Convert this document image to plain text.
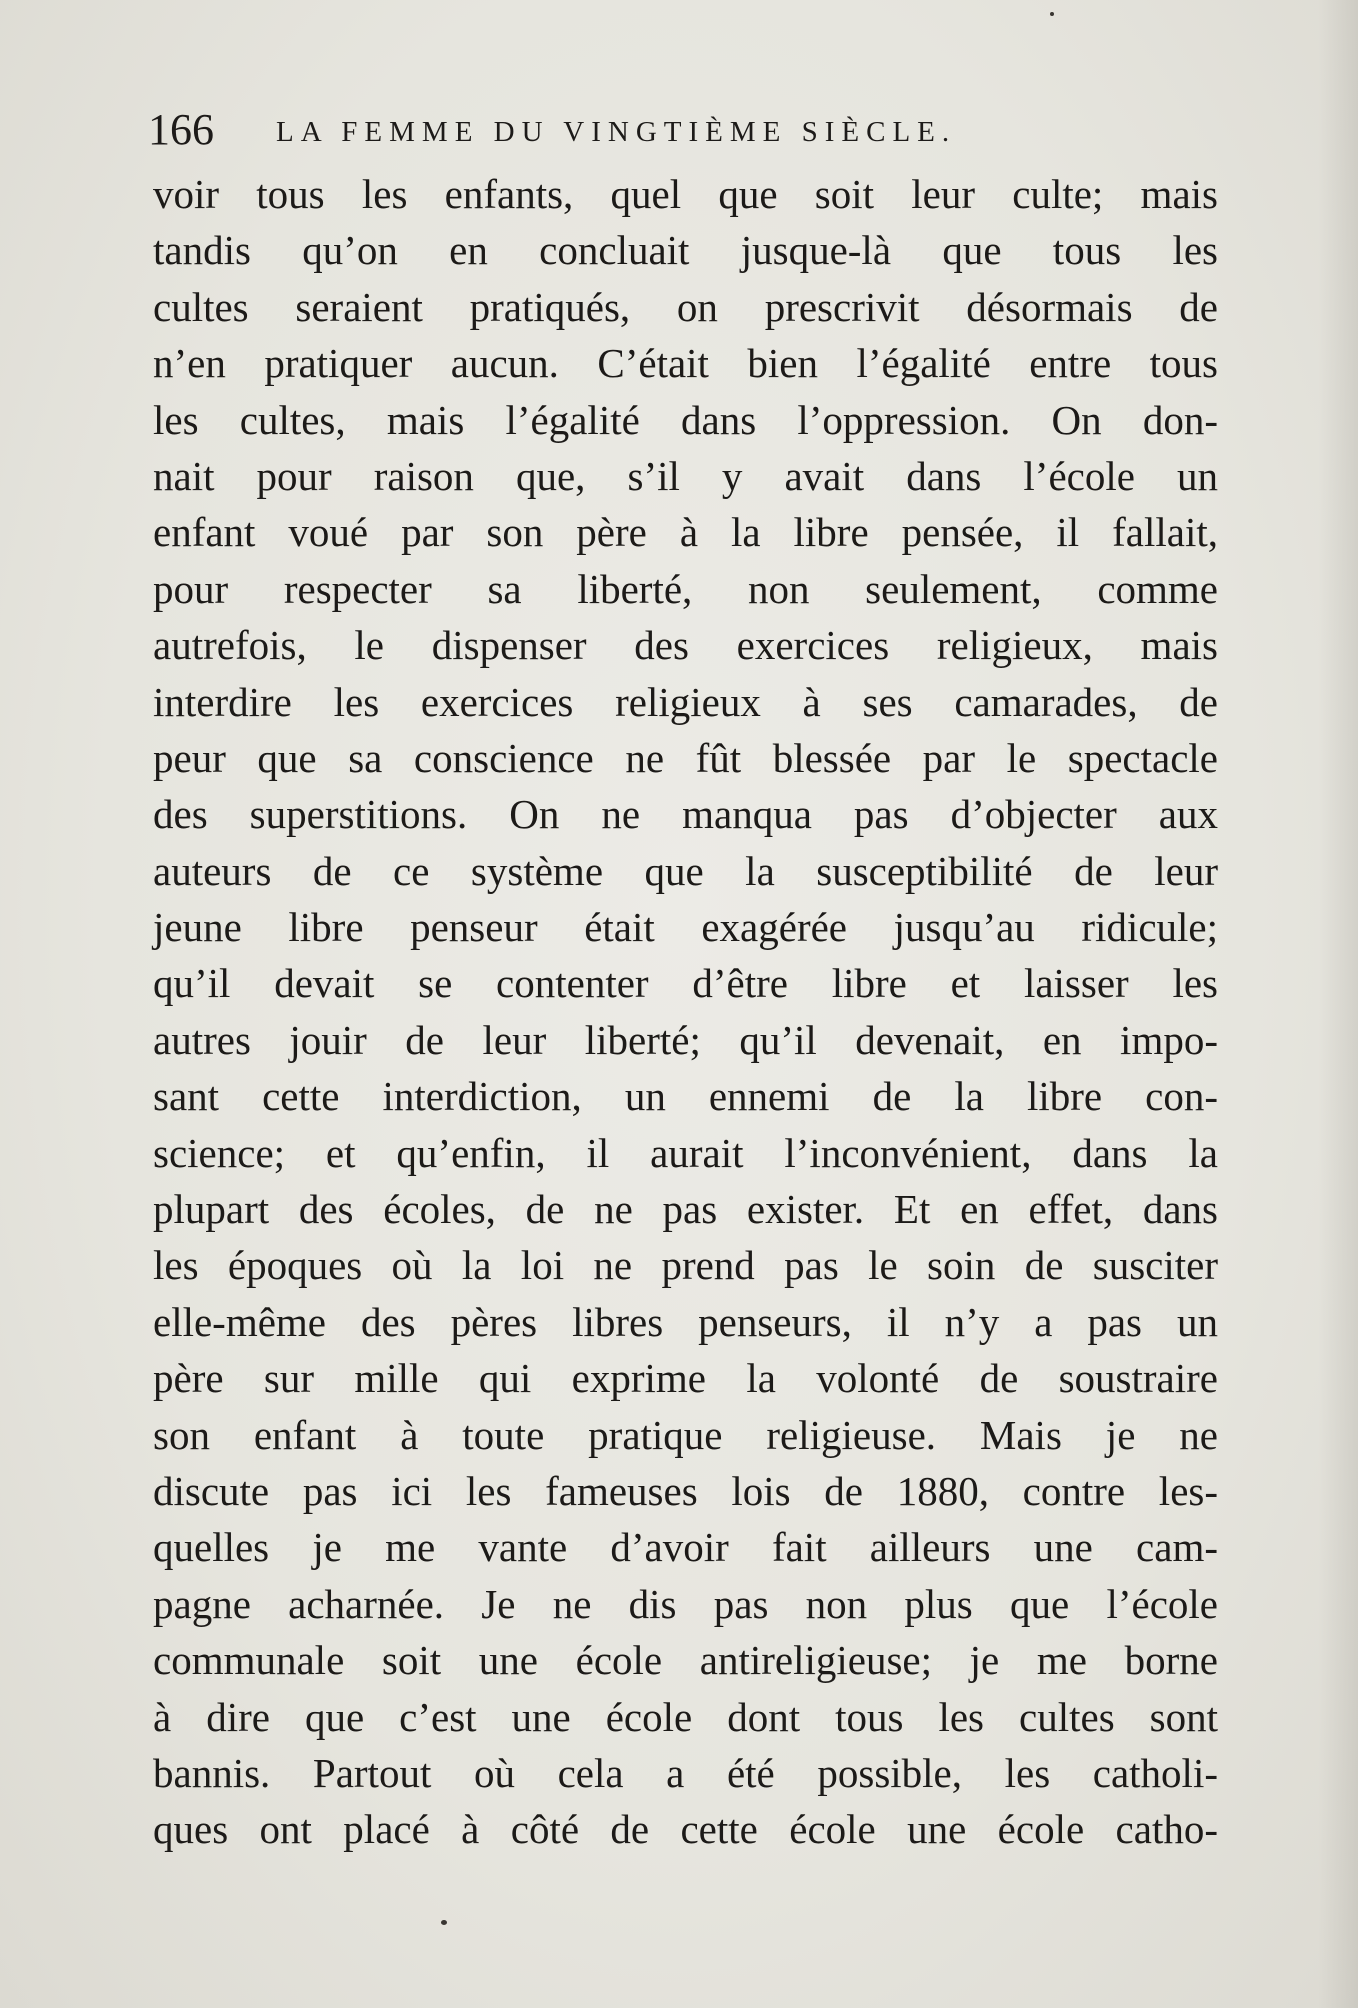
166 LA FEMME DU VINGTIÈME SIÈCLE.
voir tous les enfants, quel que soit leur culte; mais
tandis qu’on en concluait jusque-là que tous les
cultes seraient pratiqués, on prescrivit désormais de
n’en pratiquer aucun. C’était bien l’égalité entre tous
les cultes, mais l’égalité dans l’oppression. On don-
nait pour raison que, s’il y avait dans l’école un
enfant voué par son père à la libre pensée, il fallait,
pour respecter sa liberté, non seulement, comme
autrefois, le dispenser des exercices religieux, mais
interdire les exercices religieux à ses camarades, de
peur que sa conscience ne fût blessée par le spectacle
des superstitions. On ne manqua pas d’objecter aux
auteurs de ce système que la susceptibilité de leur
jeune libre penseur était exagérée jusqu’au ridicule;
qu’il devait se contenter d’être libre et laisser les
autres jouir de leur liberté; qu’il devenait, en impo-
sant cette interdiction, un ennemi de la libre con-
science; et qu’enfin, il aurait l’inconvénient, dans la
plupart des écoles, de ne pas exister. Et en effet, dans
les époques où la loi ne prend pas le soin de susciter
elle-même des pères libres penseurs, il n’y a pas un
père sur mille qui exprime la volonté de soustraire
son enfant à toute pratique religieuse. Mais je ne
discute pas ici les fameuses lois de 1880, contre les-
quelles je me vante d’avoir fait ailleurs une cam-
pagne acharnée. Je ne dis pas non plus que l’école
communale soit une école antireligieuse; je me borne
à dire que c’est une école dont tous les cultes sont
bannis. Partout où cela a été possible, les catholi-
ques ont placé à côté de cette école une école catho-
